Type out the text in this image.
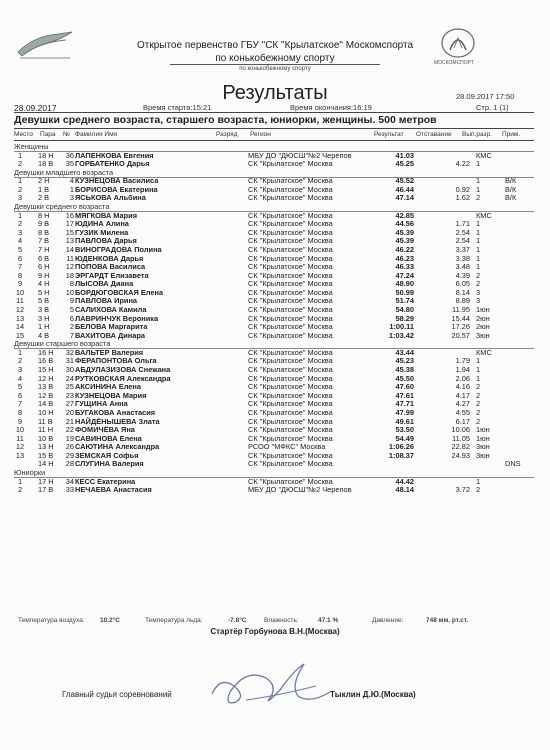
МОСКОМСПОРТ
Открытое первенство ГБУ "СК "Крылатское" Москомспорта
по конькобежному спорту
по конькобежному спорту
Результаты
28.09.2017	Время старта:15:21	Время окончания:16:19
28.09.2017 17:50
Стр. 1 (1)
Девушки среднего возраста, старшего возраста, юниорки, женщины. 500 метров
Место Пара № Фамилия Имя	Разряд Регион	Результат Отставание Вып.разр. Прим.
Женщины
1	18 Н 36 ЛАПЕНКОВА Евгения	МБУ ДО "ДЮСШ"№2 Черепов	41.03	КМС
2	18 В 35 ГОРБАТЕНКО Дарья	СК "Крылатское" Москва	45.25	4.22 1
Девушки младшего возраста
1	2 Н	4 КУЗНЕЦОВА Василиса	СК "Крылатское" Москва	45.52	1	В/К
2	1 В	1 БОРИСОВА Екатерина	СК "Крылатское" Москва	46.44	0.92 1	В/К
3	2 В	3 ЯСЬКОВА Альбина	СК "Крылатское" Москва	47.14	1.62 2	В/К
Девушки среднего возраста
1	8 Н 16 МЯГКОВА Мария	СК "Крылатское" Москва	42.85	КМС
2	9 В 17 ЮДИНА Алина	СК "Крылатское" Москва	44.56	1.71 1
3	8 В 15 ГУЗИК Милена	СК "Крылатское" Москва	45.39	2.54 1
4	7 В 13 ПАВЛОВА Дарья	СК "Крылатское" Москва	45.39	2.54 1
5	7 Н 14 ВИНОГРАДОВА Полина	СК "Крылатское" Москва	46.22	3.37 1
6	6 В	11 ЮДЕНКОВА Дарья	СК "Крылатское" Москва	46.23	3.38 1
7	6 Н 12 ПОПОВА Василиса	СК "Крылатское" Москва	46.33	3.48 1
8	9 Н 18 ЭРГАРДТ Елизавета	СК "Крылатское" Москва	47.24	4.39 2
9	4 Н	8 ЛЫСОВА Диана	СК "Крылатское" Москва	48.90	6.05 2
10 5 Н 10 БОРДЮГОВСКАЯ Елена	СК "Крылатское" Москва	50.99	8.14 3
11 5 В	9 ПАВЛОВА Ирина	СК "Крылатское" Москва	51.74	8.89 3
12 3 В	5 САЛИХОВА Камила	СК "Крылатское" Москва	54.80	11.95 1юн
13 3 Н	6 ЛАВРИНЧУК Вероника	СК "Крылатское" Москва	58.29	15.44 2юн
14 1 Н	2 БЕЛОВА Маргарита	СК "Крылатское" Москва	1:00.11	17.26 2юн
15 4 В	7 ВАХИТОВА Динара	СК "Крылатское" Москва	1:03.42	20.57 3юн
Девушки старшего возраста
1	16 Н 32 ВАЛЬТЕР Валерия	СК "Крылатское" Москва	43.44	КМС
2	16 В 31 ФЕРАПОНТОВА Ольга	СК "Крылатское" Москва	45.23	1.79 1
3	15 Н 30 АБДУЛАЗИЗОВА Снежана	СК "Крылатское" Москва	45.38	1.94 1
4	12 Н 24 РУТКОВСКАЯ Александра	СК "Крылатское" Москва	45.50	2.06 1
5	13 В 25 АКСИНИНА Елена	СК "Крылатское" Москва	47.60	4.16 2
6	12 В 23 КУЗНЕЦОВА Мария	СК "Крылатское" Москва	47.61	4.17 2
7	14 В 27 ГУЩИНА Анна	СК "Крылатское" Москва	47.71	4.27 2
8	10 Н 20 БУГАКОВА Анастасия	СК "Крылатское" Москва	47.99	4.55 2
9	11 В 21 НАЙДЁНЫШЕВА Злата	СК "Крылатское" Москва	49.61	6.17 2
10 11 Н 22 ФОМИЧЁВА Яна	СК "Крылатское" Москва	53.50	10.06 1юн
11 10 В 19 САВИНОВА Елена	СК "Крылатское" Москва	54.49	11.05 1юн
12 13 Н 26 САЮТИНА Александра	РСОО "МФКС" Москва	1:06.26	22.82 3юн
13 15 В 29 ЗЕМСКАЯ Софья	СК "Крылатское" Москва	1:08.37	24.93 3юн
14 Н 28 СЛУГИНА Валерия	СК "Крылатское" Москва	DNS
Юниорки
1	17 Н 34 КЕСС Екатерина	СК "Крылатское" Москва	44.42	1
2	17 В 33 НЕЧАЕВА Анастасия	МБУ ДО "ДЮСШ"№2 Черепов	48.14	3.72 2
Температура воздуха: 10.2°C	Температура льда:	-7.8°C	Влажность:	47.1 %	Давление:	748 мм. рт.ст.
Стартёр Горбунова В.Н.(Москва)
Главный судья соревнований	Тыклин Д.Ю.(Москва)
